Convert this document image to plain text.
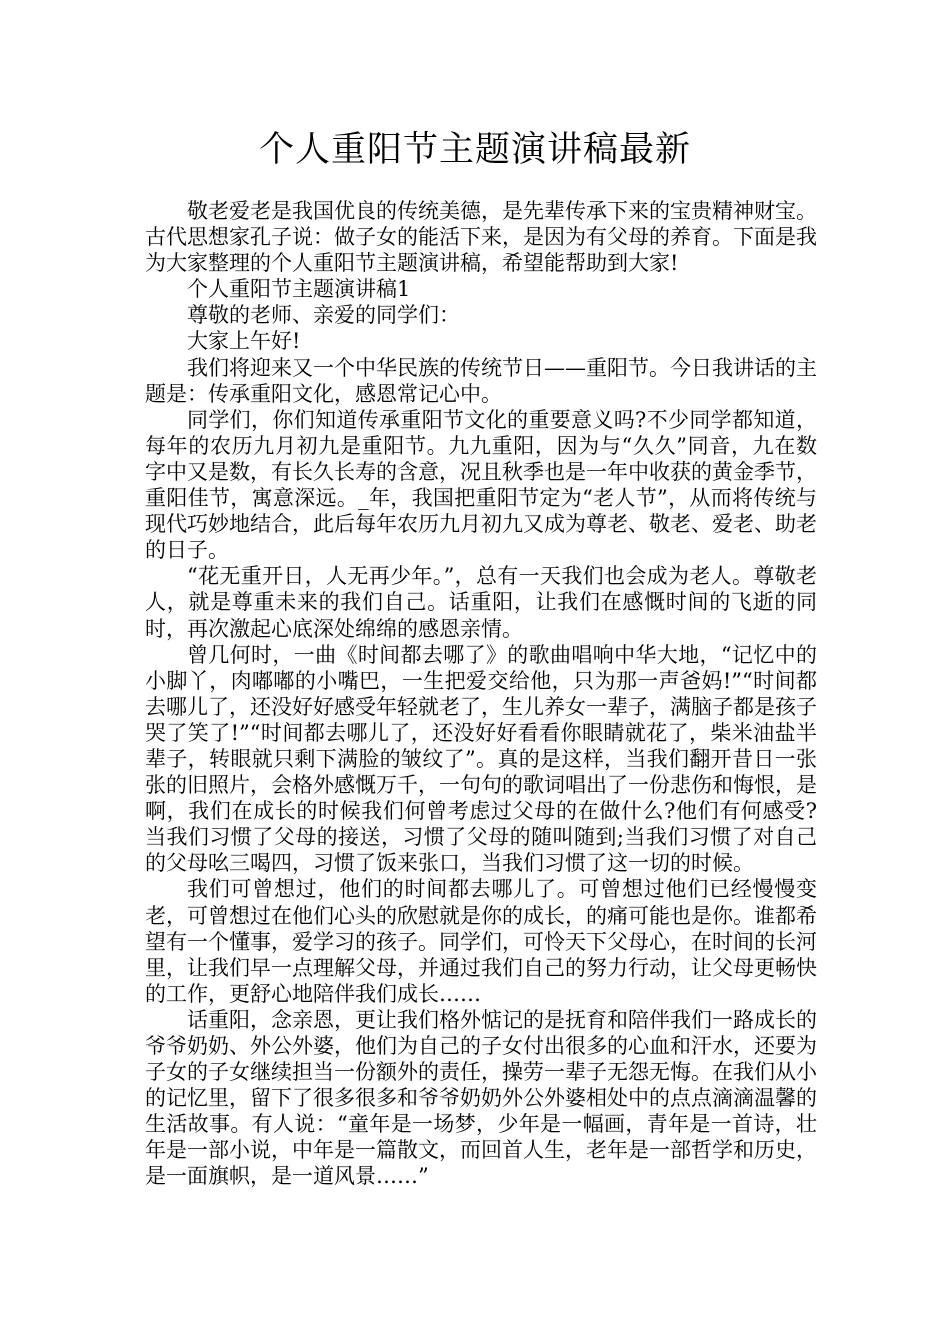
个人重阳节主题演讲稿最新

敬老爱老是我国优良的传统美德，是先辈传承下来的宝贵精神财宝。古代思想家孔子说：做子女的能活下来，是因为有父母的养育。下面是我为大家整理的个人重阳节主题演讲稿，希望能帮助到大家!

个人重阳节主题演讲稿1

尊敬的老师、亲爱的同学们：

大家上午好!

我们将迎来又一个中华民族的传统节日——重阳节。今日我讲话的主题是：传承重阳文化，感恩常记心中。

同学们，你们知道传承重阳节文化的重要意义吗?不少同学都知道，每年的农历九月初九是重阳节。九九重阳，因为与“久久”同音，九在数字中又是数，有长久长寿的含意，况且秋季也是一年中收获的黄金季节，重阳佳节，寓意深远。_年，我国把重阳节定为“老人节”，从而将传统与现代巧妙地结合，此后每年农历九月初九又成为尊老、敬老、爱老、助老的日子。

“花无重开日，人无再少年。”，总有一天我们也会成为老人。尊敬老人，就是尊重未来的我们自己。话重阳，让我们在感慨时间的飞逝的同时，再次激起心底深处绵绵的感恩亲情。

曾几何时，一曲《时间都去哪了》的歌曲唱响中华大地，“记忆中的小脚丫，肉嘟嘟的小嘴巴，一生把爱交给他，只为那一声爸妈!”“时间都去哪儿了，还没好好感受年轻就老了，生儿养女一辈子，满脑子都是孩子哭了笑了!”“时间都去哪儿了，还没好好看看你眼睛就花了，柴米油盐半辈子，转眼就只剩下满脸的皱纹了”。真的是这样，当我们翻开昔日一张张的旧照片，会格外感慨万千，一句句的歌词唱出了一份悲伤和悔恨，是啊，我们在成长的时候我们何曾考虑过父母的在做什么?他们有何感受?当我们习惯了父母的接送，习惯了父母的随叫随到;当我们习惯了对自己的父母吆三喝四，习惯了饭来张口，当我们习惯了这一切的时候。

我们可曾想过，他们的时间都去哪儿了。可曾想过他们已经慢慢变老，可曾想过在他们心头的欣慰就是你的成长，的痛可能也是你。谁都希望有一个懂事，爱学习的孩子。同学们，可怜天下父母心，在时间的长河里，让我们早一点理解父母，并通过我们自己的努力行动，让父母更畅快的工作，更舒心地陪伴我们成长……

话重阳，念亲恩，更让我们格外惦记的是抚育和陪伴我们一路成长的爷爷奶奶、外公外婆，他们为自己的子女付出很多的心血和汗水，还要为子女的子女继续担当一份额外的责任，操劳一辈子无怨无悔。在我们从小的记忆里，留下了很多很多和爷爷奶奶外公外婆相处中的点点滴滴温馨的生活故事。有人说：“童年是一场梦，少年是一幅画，青年是一首诗，壮年是一部小说，中年是一篇散文，而回首人生，老年是一部哲学和历史，是一面旗帜，是一道风景……”
